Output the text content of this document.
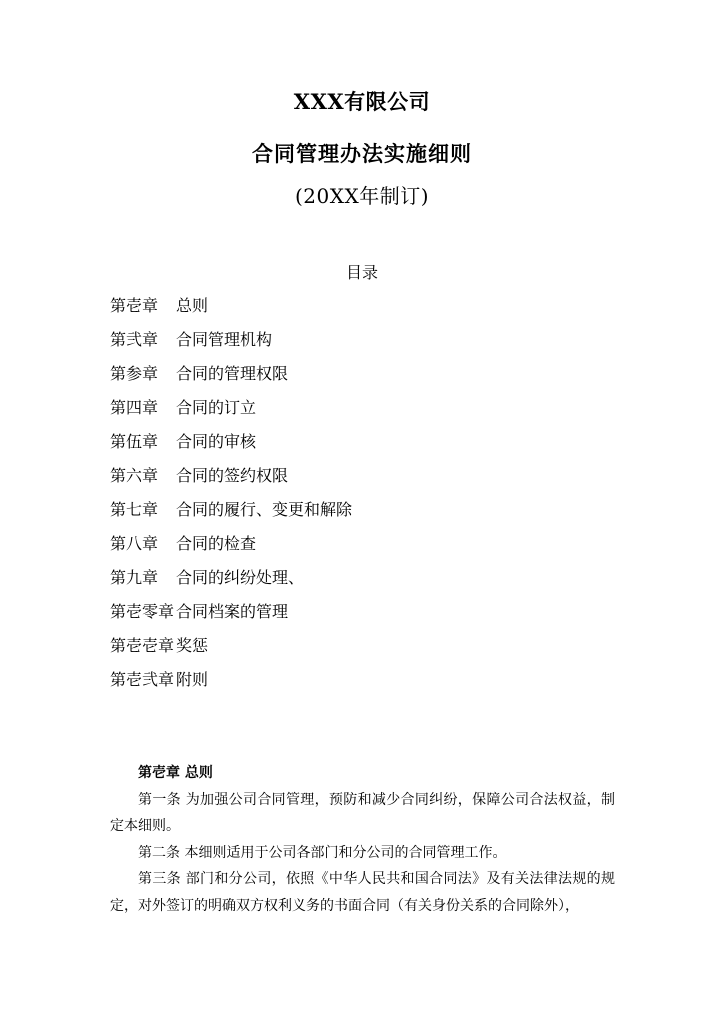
XXX有限公司
合同管理办法实施细则
(20XX年制订)
目录
第壱章 总则
第弐章 合同管理机构
第参章 合同的管理权限
第四章 合同的订立
第伍章 合同的审核
第六章 合同的签约权限
第七章 合同的履行、变更和解除
第八章 合同的检查
第九章 合同的纠纷处理、
第壱零章 合同档案的管理
第壱壱章 奖惩
第壱弐章 附则
第壱章 总则

第一条 为加强公司合同管理，预防和减少合同纠纷，保障公司合法权益，制定本细则。

第二条 本细则适用于公司各部门和分公司的合同管理工作。

第三条 部门和分公司，依照《中华人民共和国合同法》及有关法律法规的规定，对外签订的明确双方权利义务的书面合同（有关身份关系的合同除外），
